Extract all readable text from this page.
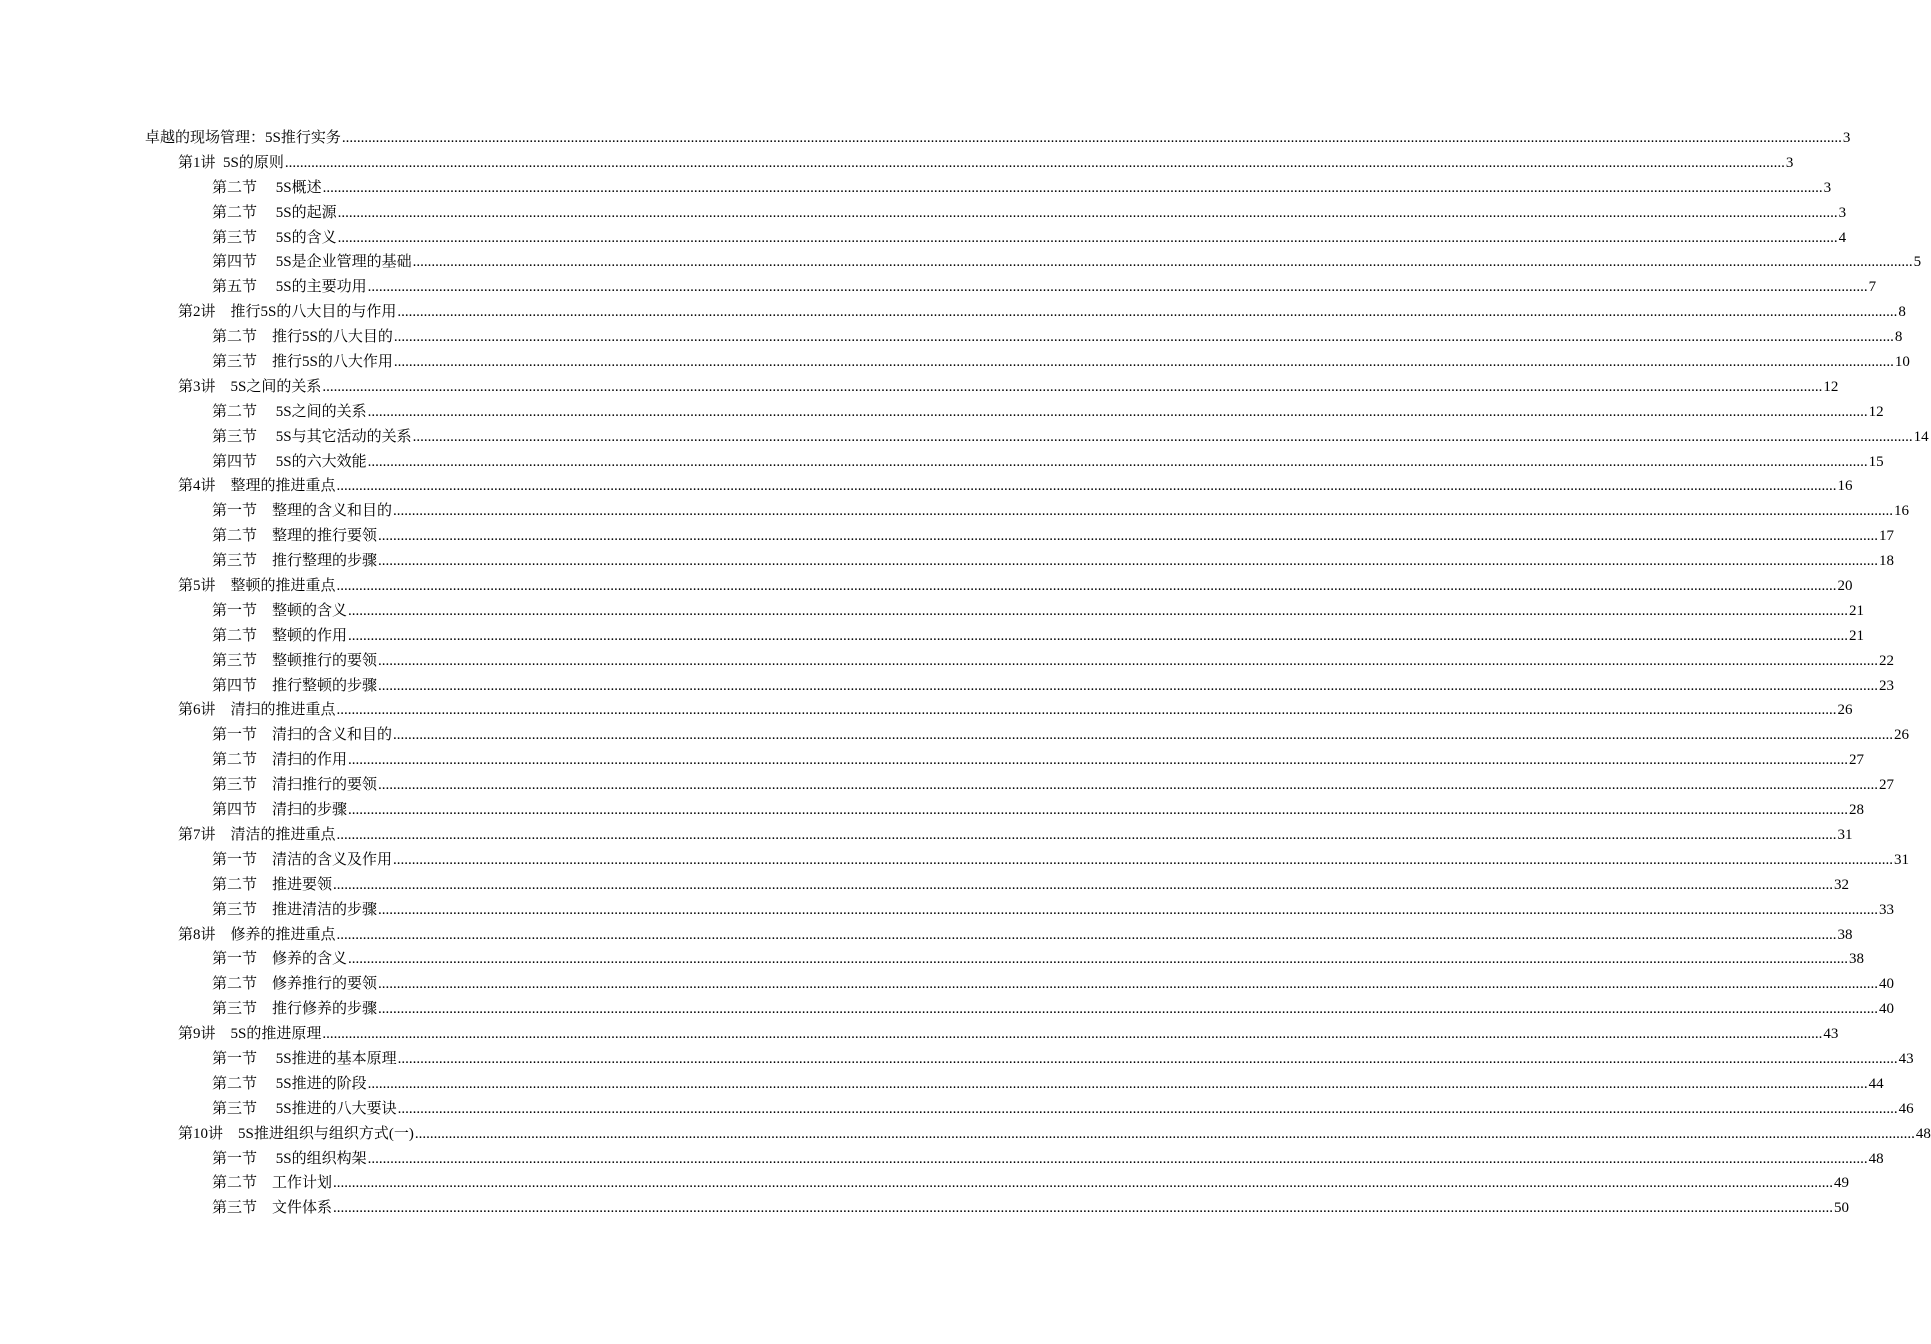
卓越的现场管理：5S推行实务 ................................................................................................................................................................................................................................................................................................................................................................................................................ 3
第1讲  5S的原则 ................................................................................................................................................................................................................................................................................................................................................................................................................ 3
第二节     5S概述 ................................................................................................................................................................................................................................................................................................................................................................................................................ 3
第二节     5S的起源 ................................................................................................................................................................................................................................................................................................................................................................................................................ 3
第三节     5S的含义 ................................................................................................................................................................................................................................................................................................................................................................................................................ 4
第四节     5S是企业管理的基础 ................................................................................................................................................................................................................................................................................................................................................................................................................ 5
第五节     5S的主要功用 ................................................................................................................................................................................................................................................................................................................................................................................................................ 7
第2讲    推行5S的八大目的与作用 ................................................................................................................................................................................................................................................................................................................................................................................................................ 8
第二节    推行5S的八大目的 ................................................................................................................................................................................................................................................................................................................................................................................................................ 8
第三节    推行5S的八大作用 ................................................................................................................................................................................................................................................................................................................................................................................................................ 10
第3讲    5S之间的关系 ................................................................................................................................................................................................................................................................................................................................................................................................................ 12
第二节     5S之间的关系 ................................................................................................................................................................................................................................................................................................................................................................................................................ 12
第三节     5S与其它活动的关系 ................................................................................................................................................................................................................................................................................................................................................................................................................ 14
第四节     5S的六大效能 ................................................................................................................................................................................................................................................................................................................................................................................................................ 15
第4讲    整理的推进重点 ................................................................................................................................................................................................................................................................................................................................................................................................................ 16
第一节    整理的含义和目的 ................................................................................................................................................................................................................................................................................................................................................................................................................ 16
第二节    整理的推行要领 ................................................................................................................................................................................................................................................................................................................................................................................................................ 17
第三节    推行整理的步骤 ................................................................................................................................................................................................................................................................................................................................................................................................................ 18
第5讲    整顿的推进重点 ................................................................................................................................................................................................................................................................................................................................................................................................................ 20
第一节    整顿的含义 ................................................................................................................................................................................................................................................................................................................................................................................................................ 21
第二节    整顿的作用 ................................................................................................................................................................................................................................................................................................................................................................................................................ 21
第三节    整顿推行的要领 ................................................................................................................................................................................................................................................................................................................................................................................................................ 22
第四节    推行整顿的步骤 ................................................................................................................................................................................................................................................................................................................................................................................................................ 23
第6讲    清扫的推进重点 ................................................................................................................................................................................................................................................................................................................................................................................................................ 26
第一节    清扫的含义和目的 ................................................................................................................................................................................................................................................................................................................................................................................................................ 26
第二节    清扫的作用 ................................................................................................................................................................................................................................................................................................................................................................................................................ 27
第三节    清扫推行的要领 ................................................................................................................................................................................................................................................................................................................................................................................................................ 27
第四节    清扫的步骤 ................................................................................................................................................................................................................................................................................................................................................................................................................ 28
第7讲    清洁的推进重点 ................................................................................................................................................................................................................................................................................................................................................................................................................ 31
第一节    清洁的含义及作用 ................................................................................................................................................................................................................................................................................................................................................................................................................ 31
第二节    推进要领 ................................................................................................................................................................................................................................................................................................................................................................................................................ 32
第三节    推进清洁的步骤 ................................................................................................................................................................................................................................................................................................................................................................................................................ 33
第8讲    修养的推进重点 ................................................................................................................................................................................................................................................................................................................................................................................................................ 38
第一节    修养的含义 ................................................................................................................................................................................................................................................................................................................................................................................................................ 38
第二节    修养推行的要领 ................................................................................................................................................................................................................................................................................................................................................................................................................ 40
第三节    推行修养的步骤 ................................................................................................................................................................................................................................................................................................................................................................................................................ 40
第9讲    5S的推进原理 ................................................................................................................................................................................................................................................................................................................................................................................................................ 43
第一节     5S推进的基本原理 ................................................................................................................................................................................................................................................................................................................................................................................................................ 43
第二节     5S推进的阶段 ................................................................................................................................................................................................................................................................................................................................................................................................................ 44
第三节     5S推进的八大要诀 ................................................................................................................................................................................................................................................................................................................................................................................................................ 46
第10讲    5S推进组织与组织方式(一) ................................................................................................................................................................................................................................................................................................................................................................................................................ 48
第一节     5S的组织构架 ................................................................................................................................................................................................................................................................................................................................................................................................................ 48
第二节    工作计划 ................................................................................................................................................................................................................................................................................................................................................................................................................ 49
第三节    文件体系 ................................................................................................................................................................................................................................................................................................................................................................................................................ 50
